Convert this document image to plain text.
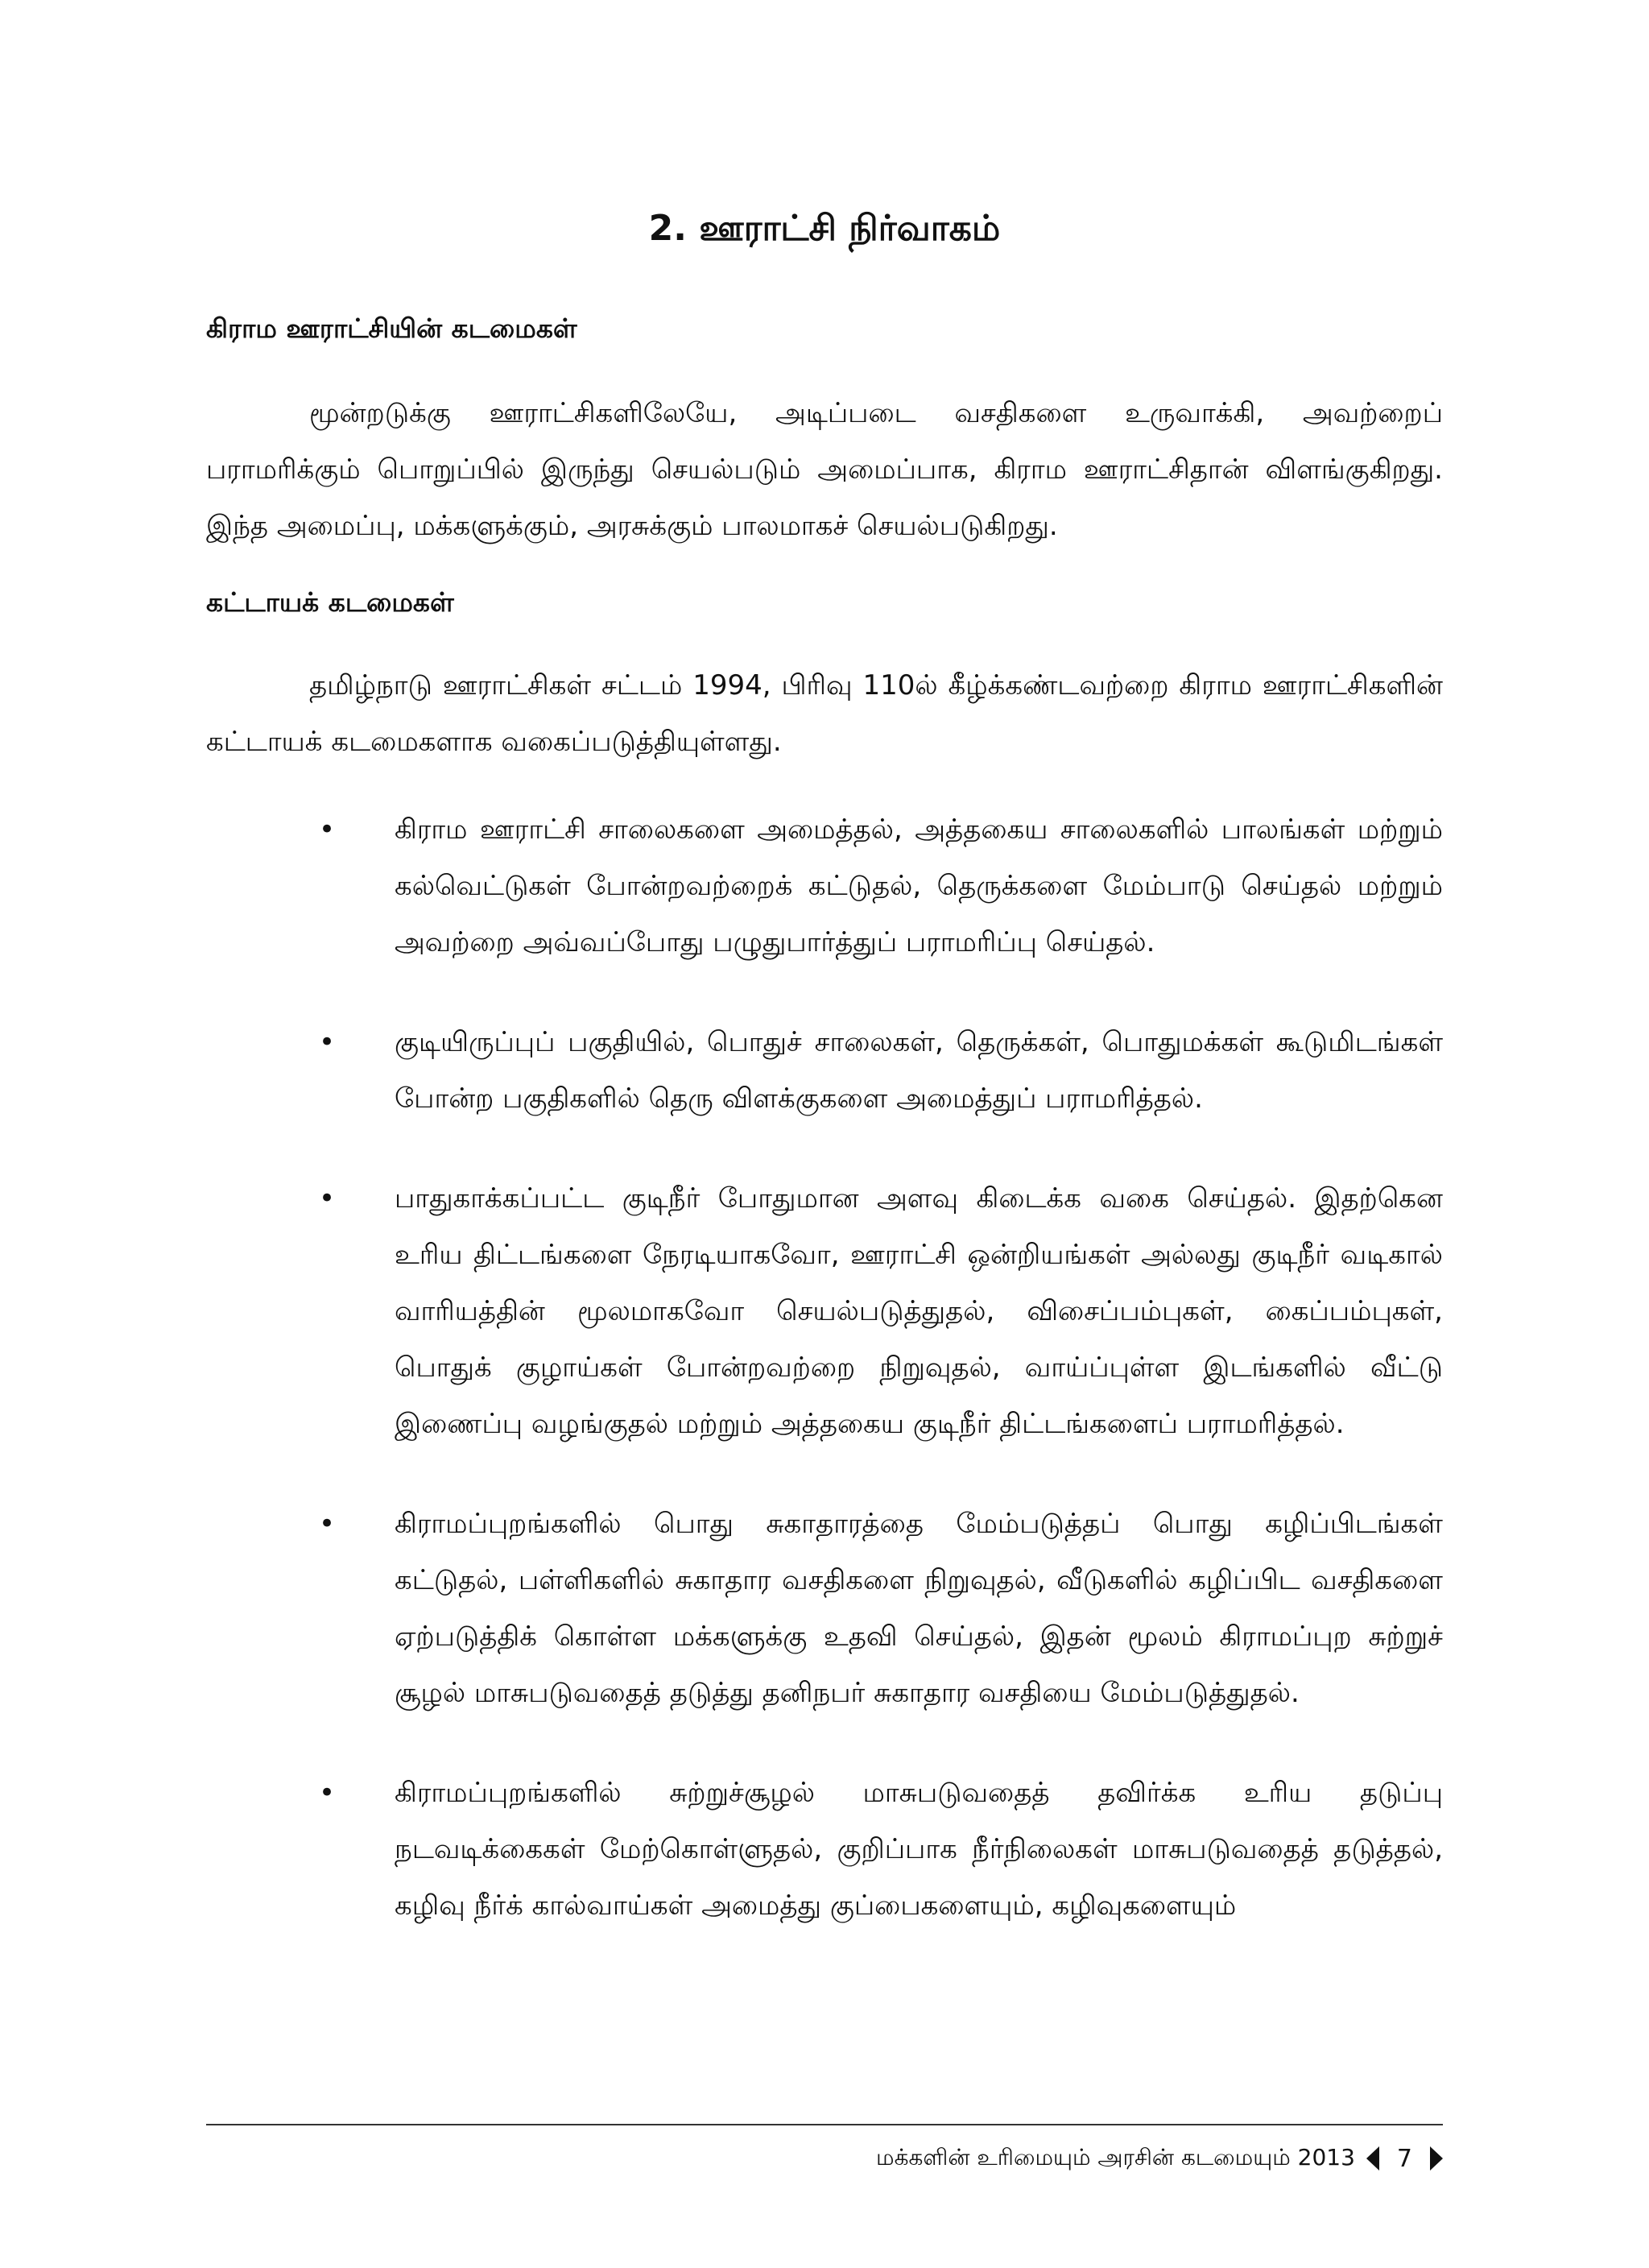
2. ஊராட்சி நிர்வாகம்
கிராம ஊராட்சியின் கடமைகள்

மூன்றடுக்கு ஊராட்சிகளிலேயே, அடிப்படை வசதிகளை உருவாக்கி, அவற்றைப் பராமரிக்கும் பொறுப்பில் இருந்து செயல்படும் அமைப்பாக, கிராம ஊராட்சிதான் விளங்குகிறது. இந்த அமைப்பு, மக்களுக்கும், அரசுக்கும் பாலமாகச் செயல்படுகிறது.

கட்டாயக் கடமைகள்

தமிழ்நாடு ஊராட்சிகள் சட்டம் 1994, பிரிவு 110ல் கீழ்க்கண்டவற்றை கிராம ஊராட்சிகளின் கட்டாயக் கடமைகளாக வகைப்படுத்தியுள்ளது.

• கிராம ஊராட்சி சாலைகளை அமைத்தல், அத்தகைய சாலைகளில் பாலங்கள் மற்றும் கல்வெட்டுகள் போன்றவற்றைக் கட்டுதல், தெருக்களை மேம்பாடு செய்தல் மற்றும் அவற்றை அவ்வப்போது பழுதுபார்த்துப் பராமரிப்பு செய்தல்.

• குடியிருப்புப் பகுதியில், பொதுச் சாலைகள், தெருக்கள், பொதுமக்கள் கூடுமிடங்கள் போன்ற பகுதிகளில் தெரு விளக்குகளை அமைத்துப் பராமரித்தல்.

• பாதுகாக்கப்பட்ட குடிநீர் போதுமான அளவு கிடைக்க வகை செய்தல். இதற்கென உரிய திட்டங்களை நேரடியாகவோ, ஊராட்சி ஒன்றியங்கள் அல்லது குடிநீர் வடிகால் வாரியத்தின் மூலமாகவோ செயல்படுத்துதல், விசைப்பம்புகள், கைப்பம்புகள், பொதுக் குழாய்கள் போன்றவற்றை நிறுவுதல், வாய்ப்புள்ள இடங்களில் வீட்டு இணைப்பு வழங்குதல் மற்றும் அத்தகைய குடிநீர் திட்டங்களைப் பராமரித்தல்.

• கிராமப்புறங்களில் பொது சுகாதாரத்தை மேம்படுத்தப் பொது கழிப்பிடங்கள் கட்டுதல், பள்ளிகளில் சுகாதார வசதிகளை நிறுவுதல், வீடுகளில் கழிப்பிட வசதிகளை ஏற்படுத்திக் கொள்ள மக்களுக்கு உதவி செய்தல், இதன் மூலம் கிராமப்புற சுற்றுச் சூழல் மாசுபடுவதைத் தடுத்து தனிநபர் சுகாதார வசதியை மேம்படுத்துதல்.

• கிராமப்புறங்களில் சுற்றுச்சூழல் மாசுபடுவதைத் தவிர்க்க உரிய தடுப்பு நடவடிக்கைகள் மேற்கொள்ளுதல், குறிப்பாக நீர்நிலைகள் மாசுபடுவதைத் தடுத்தல், கழிவு நீர்க் கால்வாய்கள் அமைத்து குப்பைகளையும், கழிவுகளையும்

மக்களின் உரிமையும் அரசின் கடமையும் 2013 7
